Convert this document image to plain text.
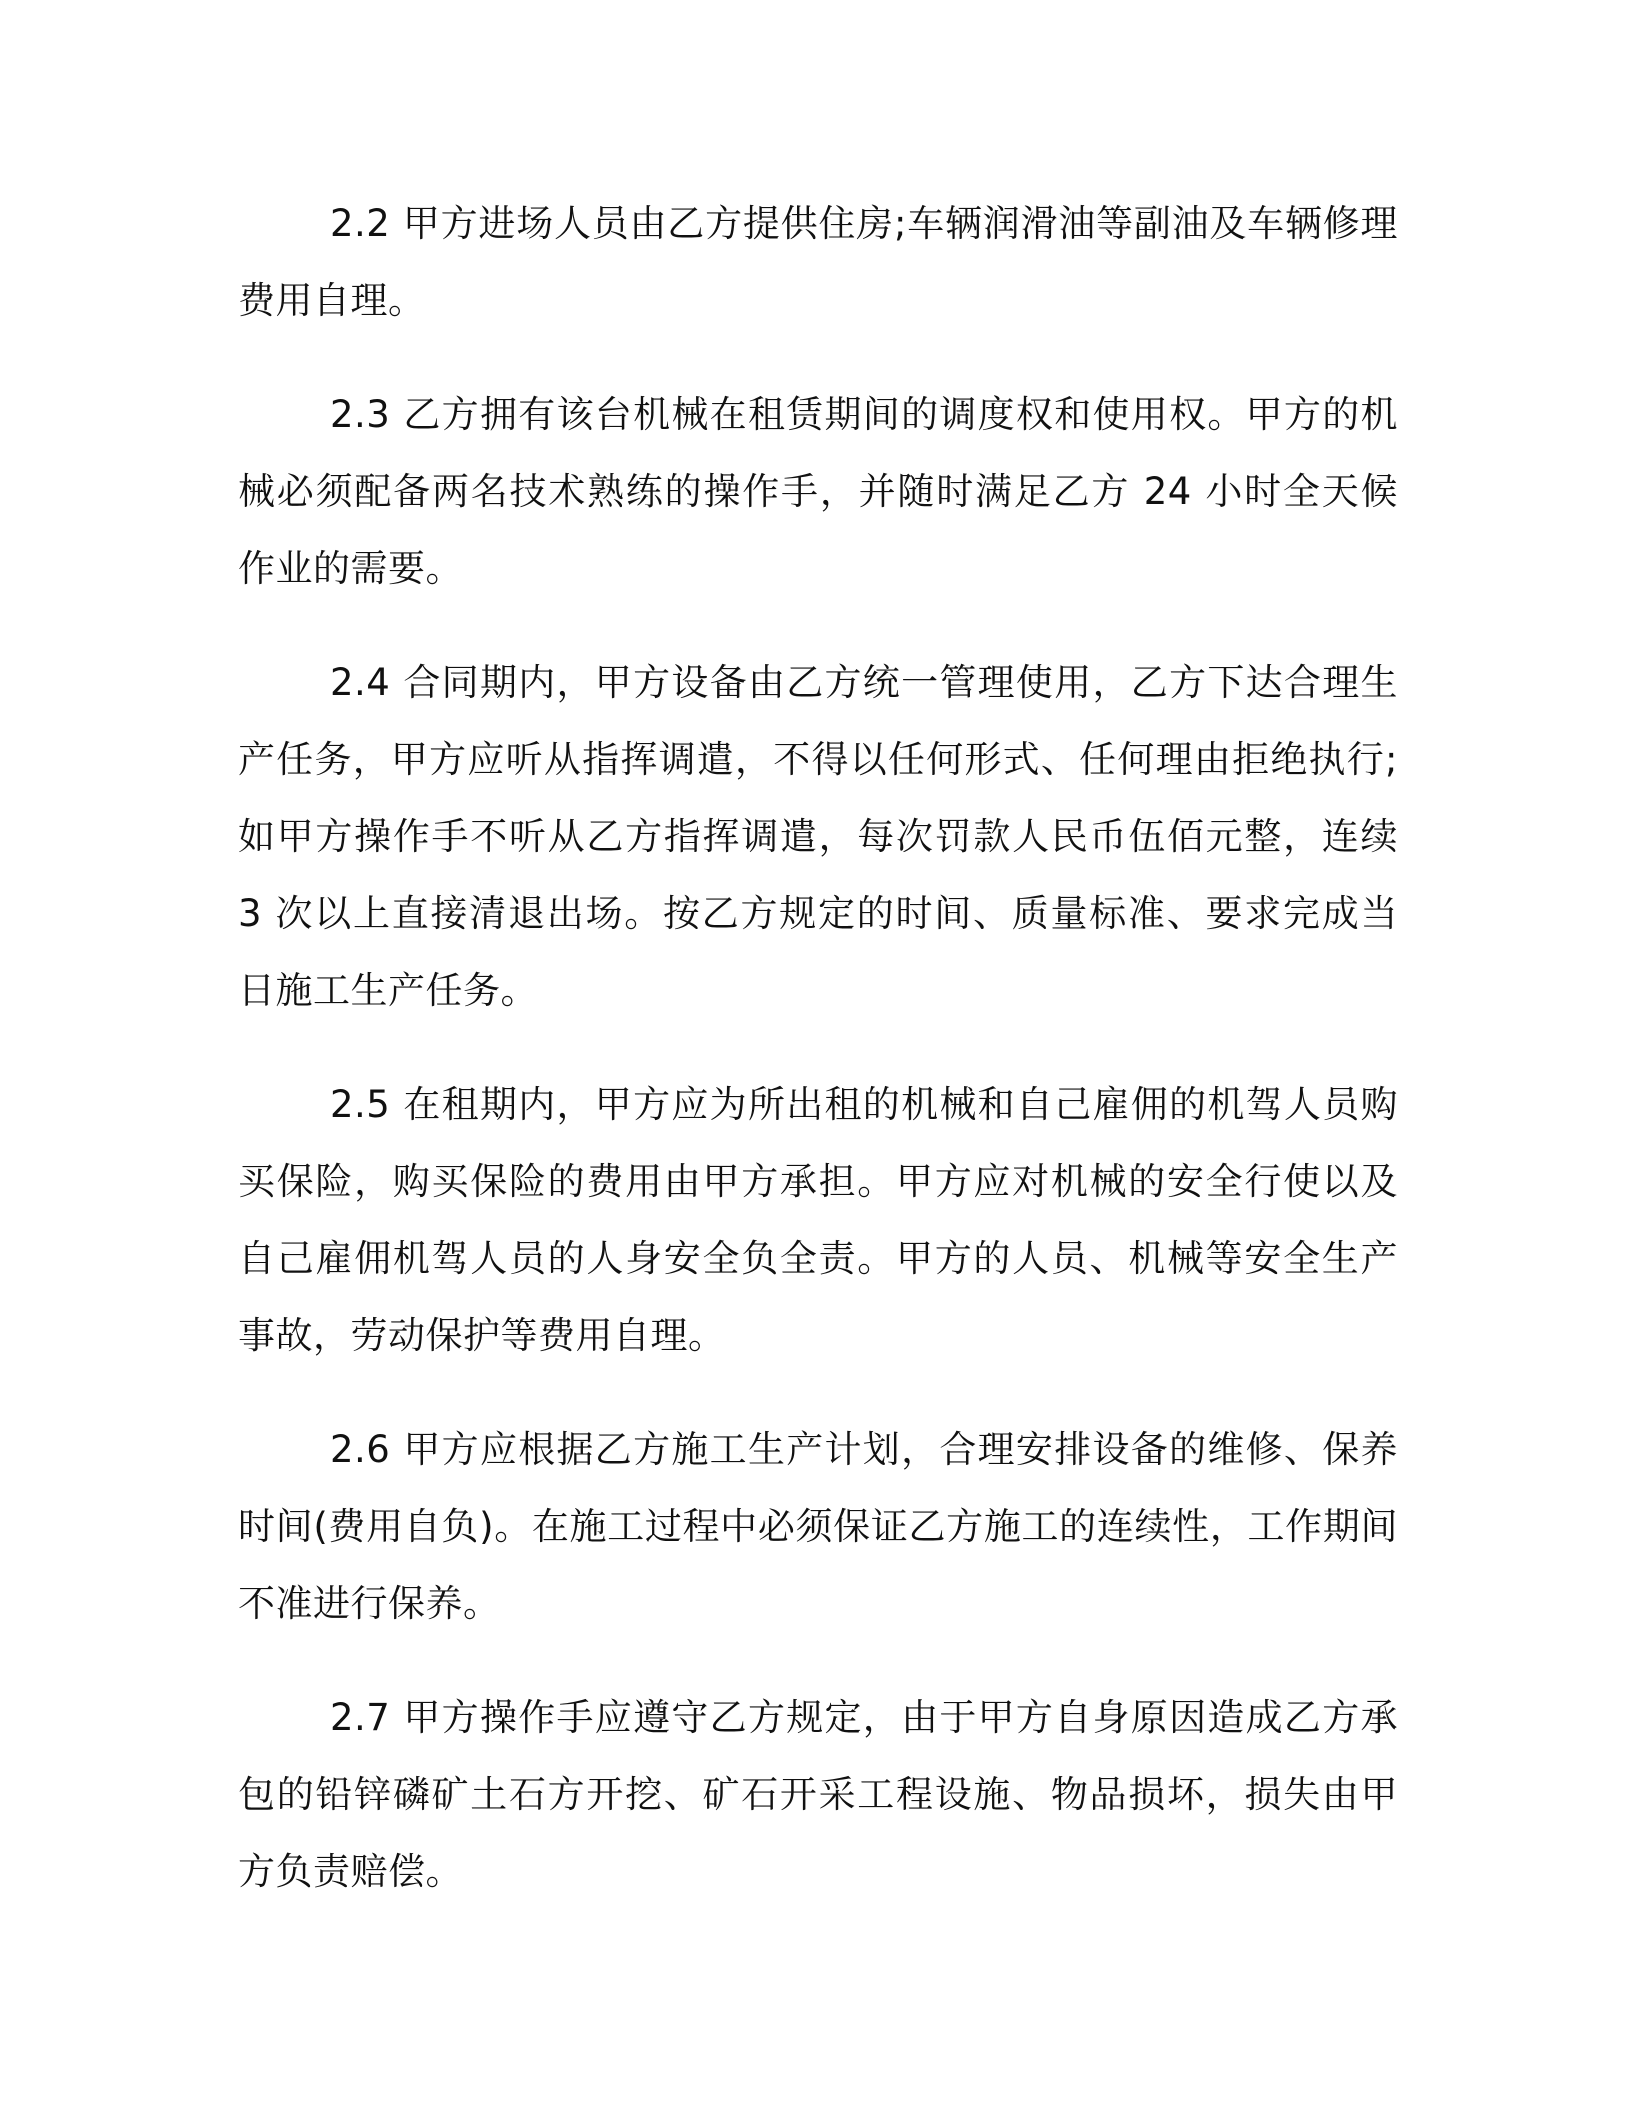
2.2 甲方进场人员由乙方提供住房;车辆润滑油等副油及车辆修理费用自理。

2.3 乙方拥有该台机械在租赁期间的调度权和使用权。甲方的机械必须配备两名技术熟练的操作手，并随时满足乙方 24 小时全天候作业的需要。

2.4 合同期内，甲方设备由乙方统一管理使用，乙方下达合理生产任务，甲方应听从指挥调遣，不得以任何形式、任何理由拒绝执行;如甲方操作手不听从乙方指挥调遣，每次罚款人民币伍佰元整，连续 3 次以上直接清退出场。按乙方规定的时间、质量标准、要求完成当日施工生产任务。

2.5 在租期内，甲方应为所出租的机械和自己雇佣的机驾人员购买保险，购买保险的费用由甲方承担。甲方应对机械的安全行使以及自己雇佣机驾人员的人身安全负全责。甲方的人员、机械等安全生产事故，劳动保护等费用自理。

2.6 甲方应根据乙方施工生产计划，合理安排设备的维修、保养时间(费用自负)。在施工过程中必须保证乙方施工的连续性，工作期间不准进行保养。

2.7 甲方操作手应遵守乙方规定，由于甲方自身原因造成乙方承包的铅锌磷矿土石方开挖、矿石开采工程设施、物品损坏，损失由甲方负责赔偿。
